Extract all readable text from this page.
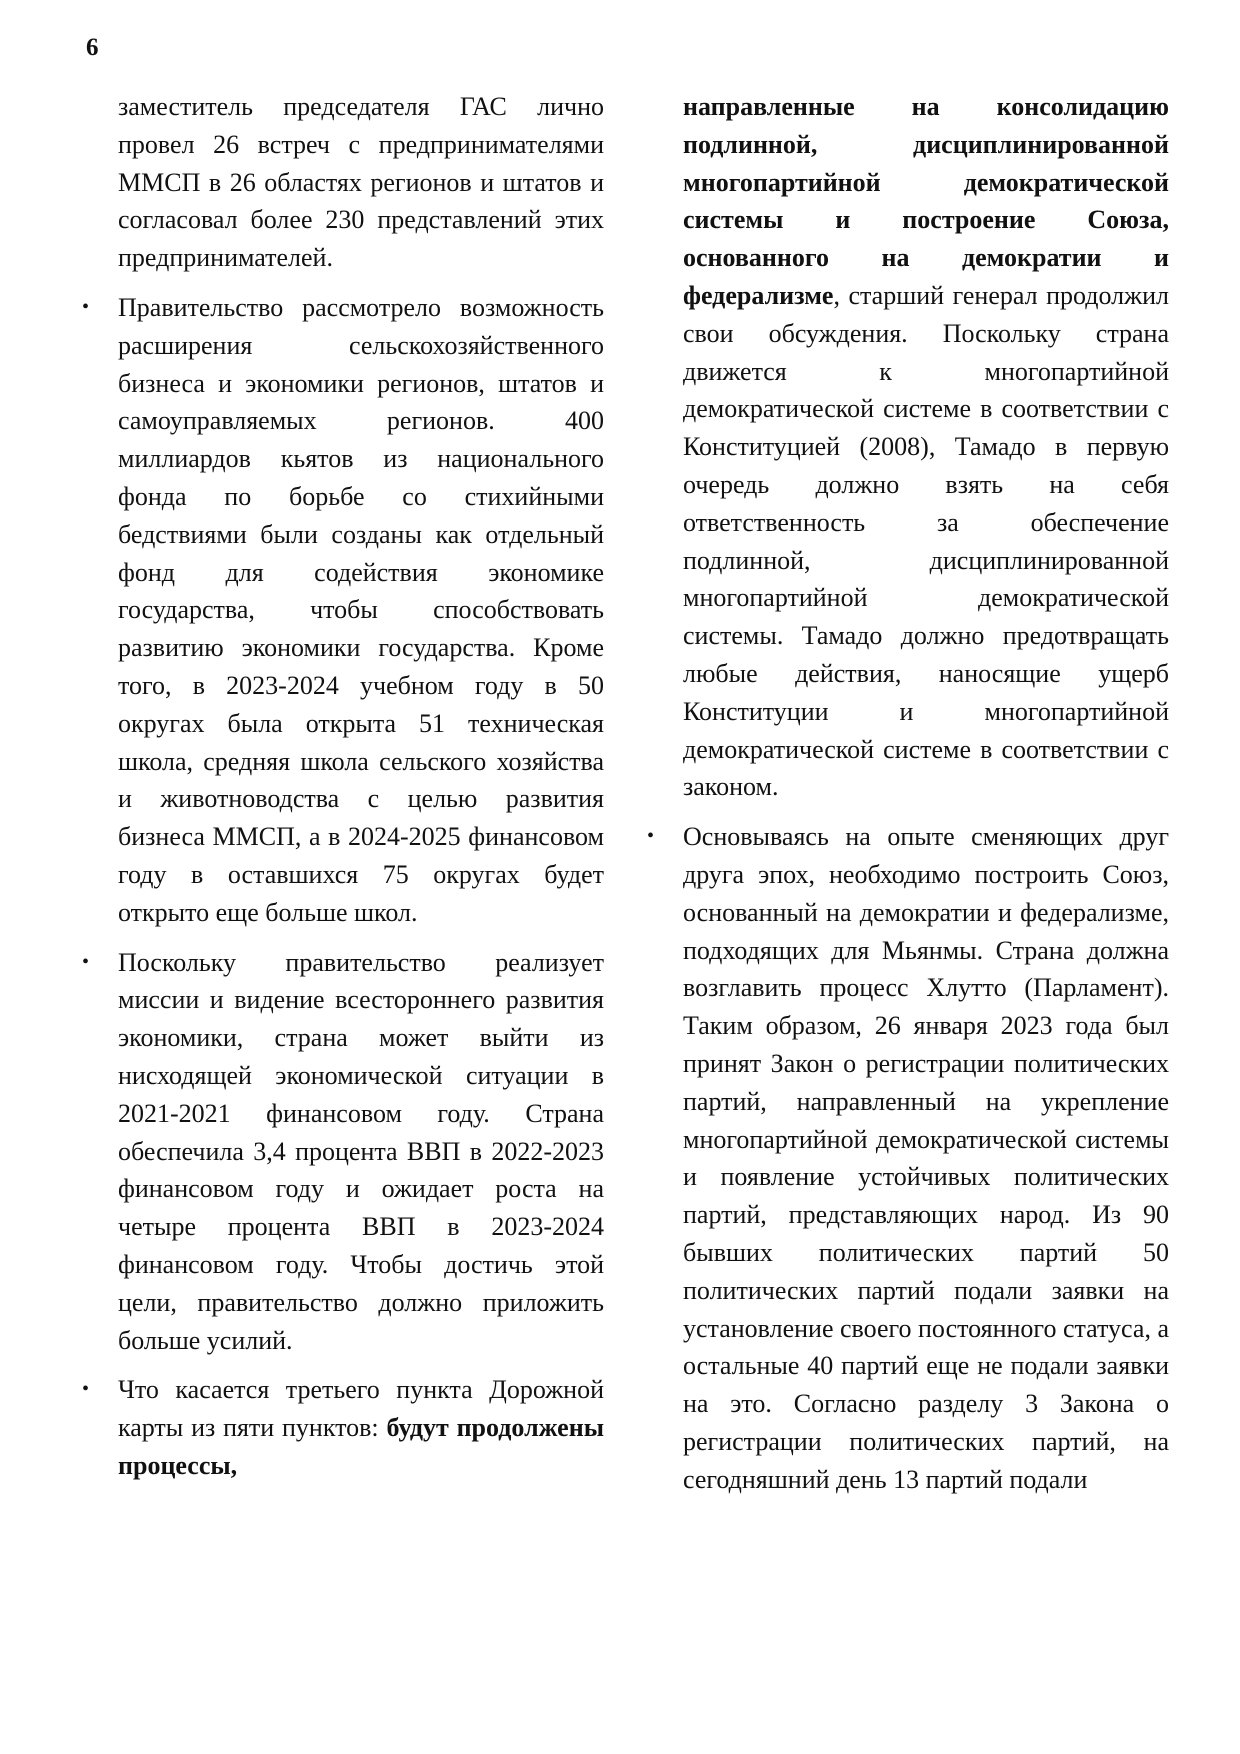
6

заместитель председателя ГАС лично провел 26 встреч с предпринимателями ММСП в 26 областях регионов и штатов и согласовал более 230 представлений этих предпринимателей.

• Правительство рассмотрело возможность расширения сельскохозяйственного бизнеса и экономики регионов, штатов и самоуправляемых регионов. 400 миллиардов кьятов из национального фонда по борьбе со стихийными бедствиями были созданы как отдельный фонд для содействия экономике государства, чтобы способствовать развитию экономики государства. Кроме того, в 2023-2024 учебном году в 50 округах была открыта 51 техническая школа, средняя школа сельского хозяйства и животноводства с целью развития бизнеса ММСП, а в 2024-2025 финансовом году в оставшихся 75 округах будет открыто еще больше школ.

• Поскольку правительство реализует миссии и видение всестороннего развития экономики, страна может выйти из нисходящей экономической ситуации в 2021-2021 финансовом году. Страна обеспечила 3,4 процента ВВП в 2022-2023 финансовом году и ожидает роста на четыре процента ВВП в 2023-2024 финансовом году. Чтобы достичь этой цели, правительство должно приложить больше усилий.

• Что касается третьего пункта Дорожной карты из пяти пунктов: будут продолжены процессы,

направленные на консолидацию подлинной, дисциплинированной многопартийной демократической системы и построение Союза, основанного на демократии и федерализме, старший генерал продолжил свои обсуждения. Поскольку страна движется к многопартийной демократической системе в соответствии с Конституцией (2008), Тамадо в первую очередь должно взять на себя ответственность за обеспечение подлинной, дисциплинированной многопартийной демократической системы. Тамадо должно предотвращать любые действия, наносящие ущерб Конституции и многопартийной демократической системе в соответствии с законом.

• Основываясь на опыте сменяющих друг друга эпох, необходимо построить Союз, основанный на демократии и федерализме, подходящих для Мьянмы. Страна должна возглавить процесс Хлутто (Парламент). Таким образом, 26 января 2023 года был принят Закон о регистрации политических партий, направленный на укрепление многопартийной демократической системы и появление устойчивых политических партий, представляющих народ. Из 90 бывших политических партий 50 политических партий подали заявки на установление своего постоянного статуса, а остальные 40 партий еще не подали заявки на это. Согласно разделу 3 Закона о регистрации политических партий, на сегодняшний день 13 партий подали
